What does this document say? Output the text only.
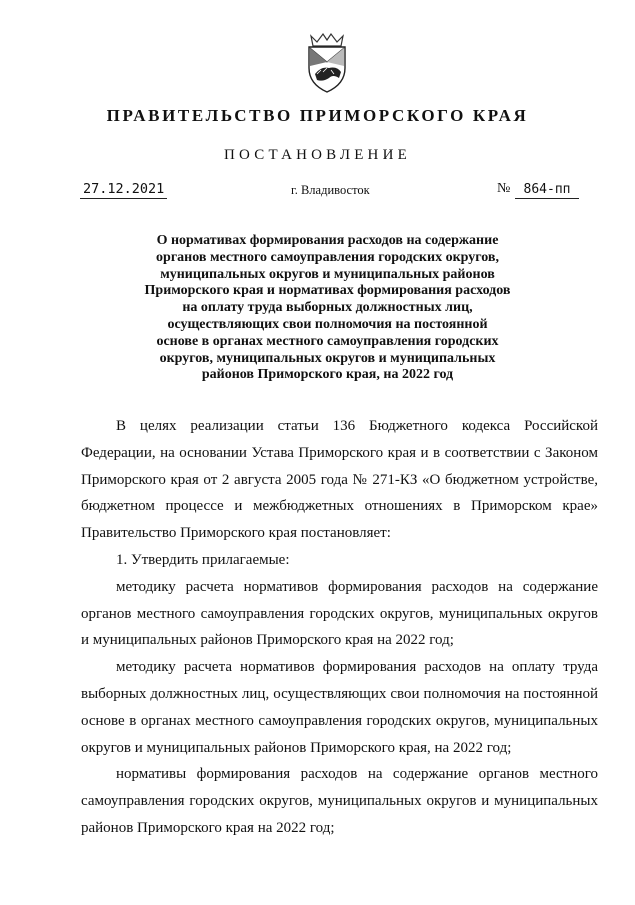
ПРАВИТЕЛЬСТВО ПРИМОРСКОГО КРАЯ
ПОСТАНОВЛЕНИЕ
27.12.2021	г. Владивосток	№	864-пп
О нормативах формирования расходов на содержание
органов местного самоуправления городских округов,
муниципальных округов и муниципальных районов
Приморского края и нормативах формирования расходов
на оплату труда выборных должностных лиц,
осуществляющих свои полномочия на постоянной
основе в органах местного самоуправления городских
округов, муниципальных округов и муниципальных
районов Приморского края, на 2022 год
В целях реализации статьи 136 Бюджетного кодекса Российской
Федерации, на основании Устава Приморского края и в соответствии с Законом
Приморского края от 2 августа 2005 года № 271-КЗ «О бюджетном устройстве,
бюджетном процессе и межбюджетных отношениях в Приморском крае»
Правительство Приморского края постановляет:
1. Утвердить прилагаемые:
методику расчета нормативов формирования расходов на содержание
органов местного самоуправления городских округов, муниципальных округов
и муниципальных районов Приморского края на 2022 год;
методику расчета нормативов формирования расходов на оплату труда
выборных должностных лиц, осуществляющих свои полномочия на постоянной
основе в органах местного самоуправления городских округов, муниципальных
округов и муниципальных районов Приморского края, на 2022 год;
нормативы формирования расходов на содержание органов местного
самоуправления городских округов, муниципальных округов и муниципальных
районов Приморского края на 2022 год;
